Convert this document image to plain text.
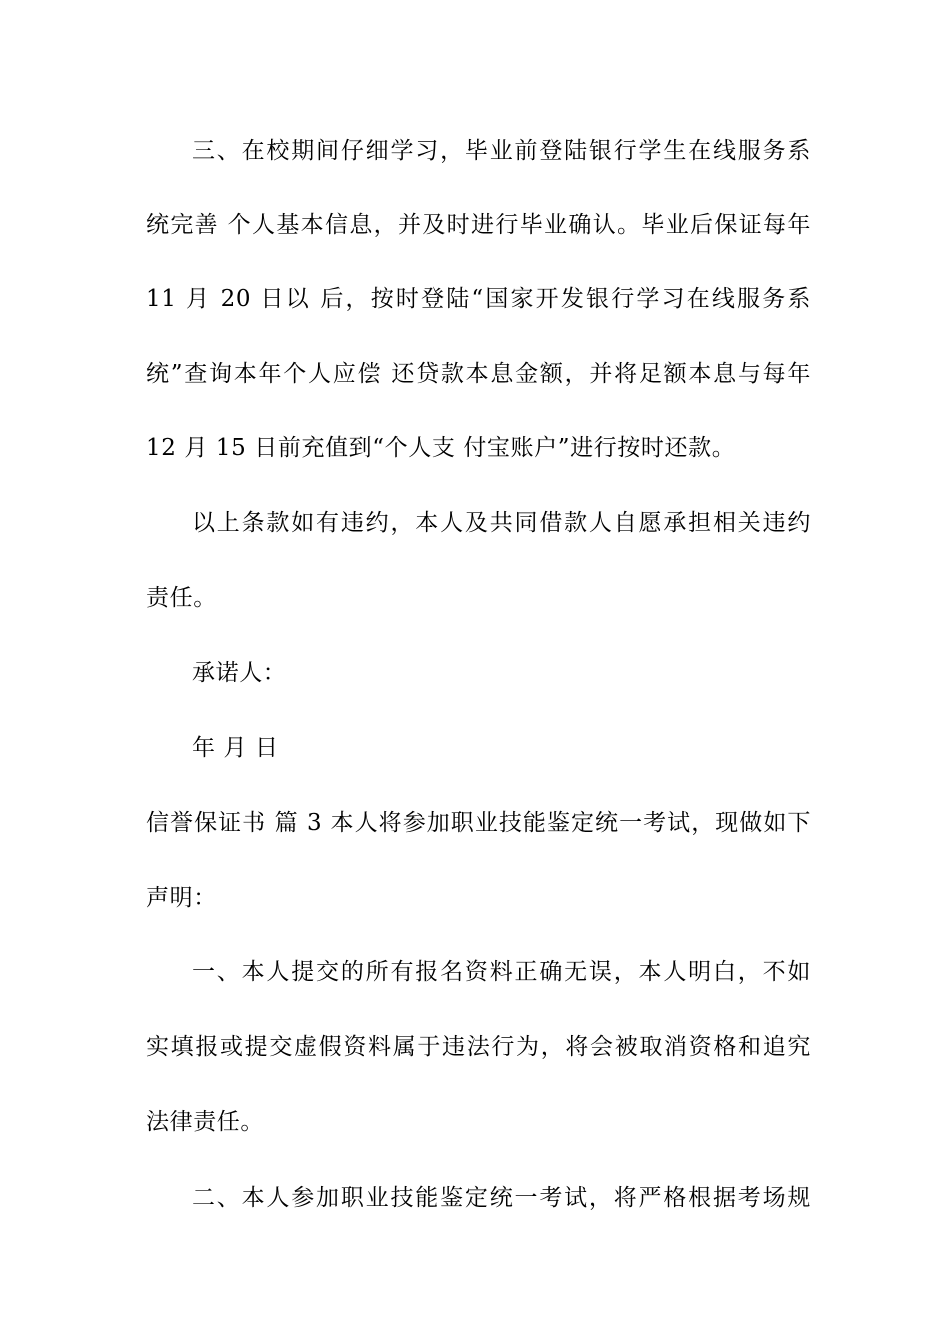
三、在校期间仔细学习，毕业前登陆银行学生在线服务系
统完善 个人基本信息，并及时进行毕业确认。毕业后保证每年
11 月 20 日以 后，按时登陆“国家开发银行学习在线服务系
统”查询本年个人应偿 还贷款本息金额，并将足额本息与每年
12 月 15 日前充值到“个人支 付宝账户”进行按时还款。
以上条款如有违约，本人及共同借款人自愿承担相关违约
责任。
承诺人：
年 月 日
信誉保证书 篇 3 本人将参加职业技能鉴定统一考试，现做如下
声明：
一、本人提交的所有报名资料正确无误，本人明白，不如
实填报或提交虚假资料属于违法行为，将会被取消资格和追究
法律责任。
二、本人参加职业技能鉴定统一考试，将严格根据考场规
